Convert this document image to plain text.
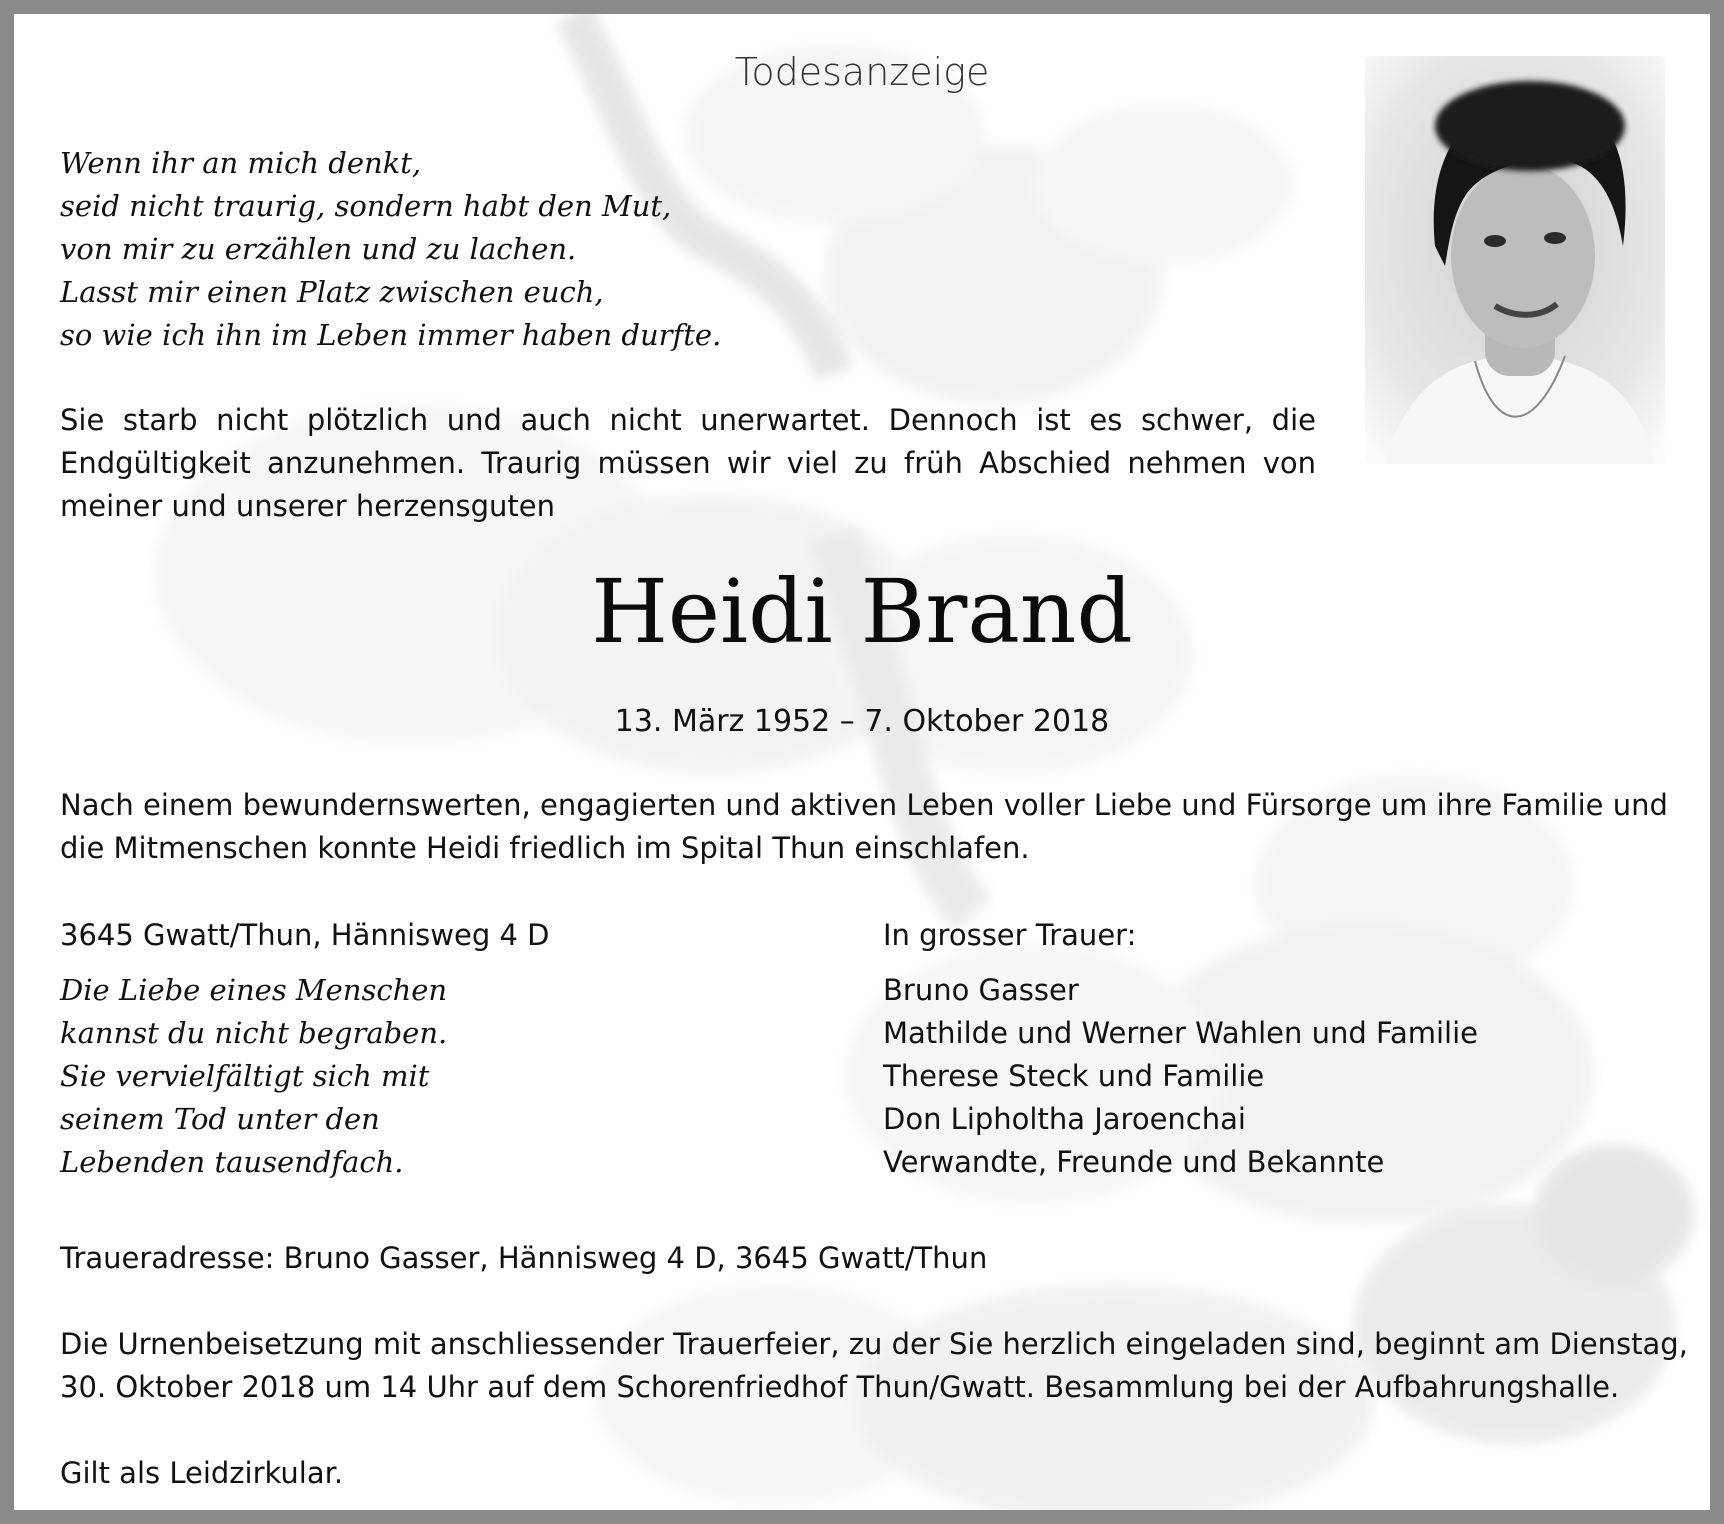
Todesanzeige
Wenn ihr an mich denkt,
seid nicht traurig, sondern habt den Mut,
von mir zu erzählen und zu lachen.
Lasst mir einen Platz zwischen euch,
so wie ich ihn im Leben immer haben durfte.
Sie starb nicht plötzlich und auch nicht unerwartet. Dennoch ist es schwer, die
Endgültigkeit anzunehmen. Traurig müssen wir viel zu früh Abschied nehmen von
meiner und unserer herzensguten
Heidi Brand
13. März 1952 – 7. Oktober 2018
Nach einem bewundernswerten, engagierten und aktiven Leben voller Liebe und Fürsorge um ihre Familie und
die Mitmenschen konnte Heidi friedlich im Spital Thun einschlafen.
3645 Gwatt/Thun, Hännisweg 4 D
Die Liebe eines Menschen
kannst du nicht begraben.
Sie vervielfältigt sich mit
seinem Tod unter den
Lebenden tausendfach.
In grosser Trauer:
Bruno Gasser
Mathilde und Werner Wahlen und Familie
Therese Steck und Familie
Don Lipholtha Jaroenchai
Verwandte, Freunde und Bekannte
Traueradresse: Bruno Gasser, Hännisweg 4 D, 3645 Gwatt/Thun
Die Urnenbeisetzung mit anschliessender Trauerfeier, zu der Sie herzlich eingeladen sind, beginnt am Dienstag,
30. Oktober 2018 um 14 Uhr auf dem Schorenfriedhof Thun/Gwatt. Besammlung bei der Aufbahrungshalle.
Gilt als Leidzirkular.
